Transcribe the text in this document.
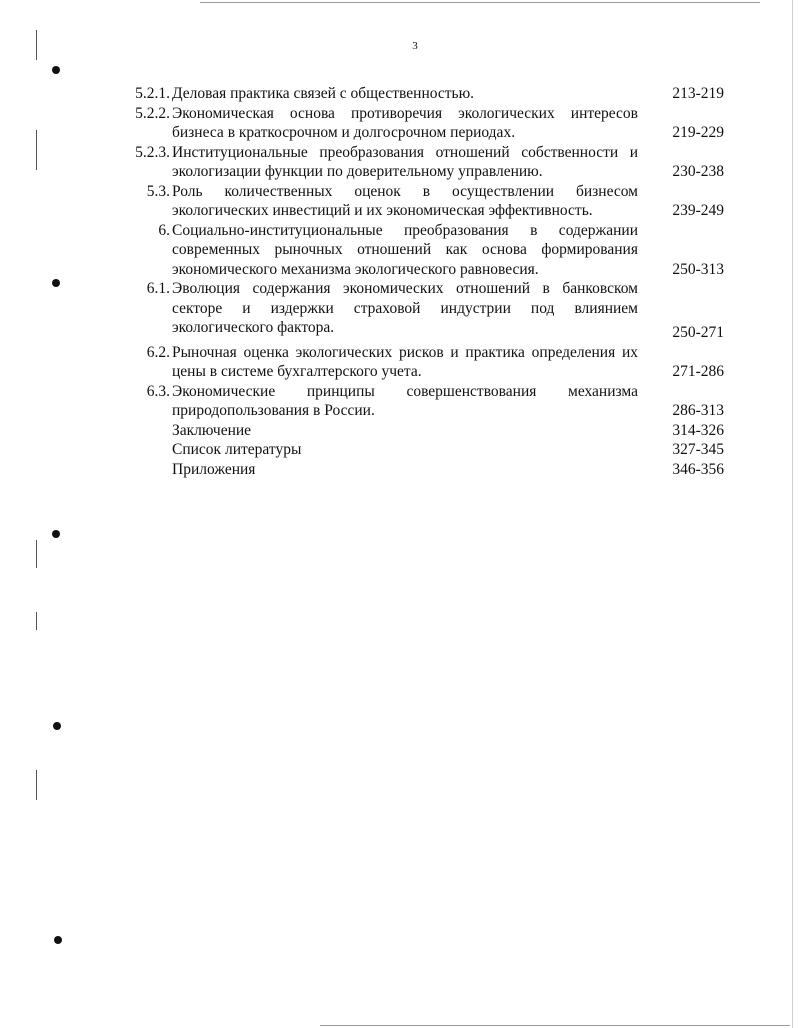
3
5.2.1. Деловая практика связей с общественностью.	213-219
5.2.2. Экономическая основа противоречия экологических интересов бизнеса в краткосрочном и долгосрочном периодах.	219-229
5.2.3. Институциональные преобразования отношений собственности и экологизации функции по доверительному управлению.	230-238
5.3. Роль количественных оценок в осуществлении бизнесом экологических инвестиций и их экономическая эффективность.	239-249
6. Социально-институциональные преобразования в содержании современных рыночных отношений как основа формирования экономического механизма экологического равновесия.	250-313
6.1. Эволюция содержания экономических отношений в банковском секторе и издержки страховой индустрии под влиянием экологического фактора.	250-271
6.2. Рыночная оценка экологических рисков и практика определения их цены в системе бухгалтерского учета.	271-286
6.3. Экономические принципы совершенствования механизма природопользования в России.	286-313
Заключение	314-326
Список литературы	327-345
Приложения	346-356
